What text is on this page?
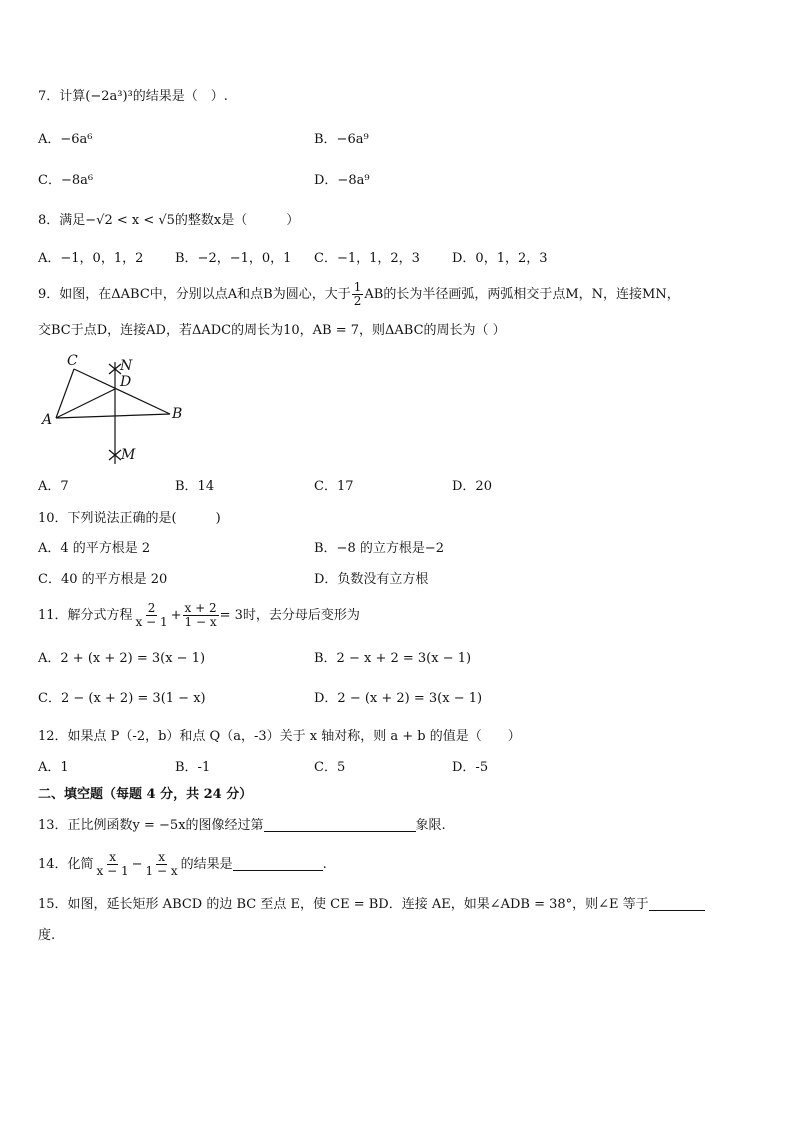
7．计算(−2a³)³的结果是（　）.
A．−6a⁶	B．−6a⁹
C．−8a⁶	D．−8a⁹
8．满足−√2 < x < √5的整数x是（　　　）
A．−1，0，1，2 B．−2，−1，0，1 C．−1，1，2，3 D．0，1，2，3
9．如图，在ΔABC中，分别以点A和点B为圆心，大于 $\frac{1}{2}$ AB的长为半径画弧，两弧相交于点M，N，连接MN，
交BC于点D，连接AD，若ΔADC的周长为10，AB = 7，则ΔABC的周长为（ ）
C	N
D
A	B
M
A．7	B．14	C．17	D．20
10．下列说法正确的是(　　　)
A．4 的平方根是 2	B．−8 的立方根是−2
C．40 的平方根是 20	D．负数没有立方根
11．解分式方程 $\frac{2}{x - 1} + \frac{x + 2}{1 - x} = 3$时，去分母后变形为
A．2 + (x + 2) = 3(x − 1)	B．2 − x + 2 = 3(x − 1)
C．2 − (x + 2) = 3(1 − x)	D．2 − (x + 2) = 3(x − 1)
12．如果点 P（-2，b）和点 Q（a，-3）关于 x 轴对称，则 a + b 的值是（　　）
A．1	B．-1	C．5	D．-5
二、填空题（每题 4 分，共 24 分）
13．正比例函数y = −5x的图像经过第	象限.
14．化简 $\frac{x}{x - 1} - \frac{x}{1 - x}$ 的结果是	.
15．如图，延长矩形 ABCD 的边 BC 至点 E，使 CE = BD．连接 AE，如果∠ADB = 38°，则∠E 等于
度.
